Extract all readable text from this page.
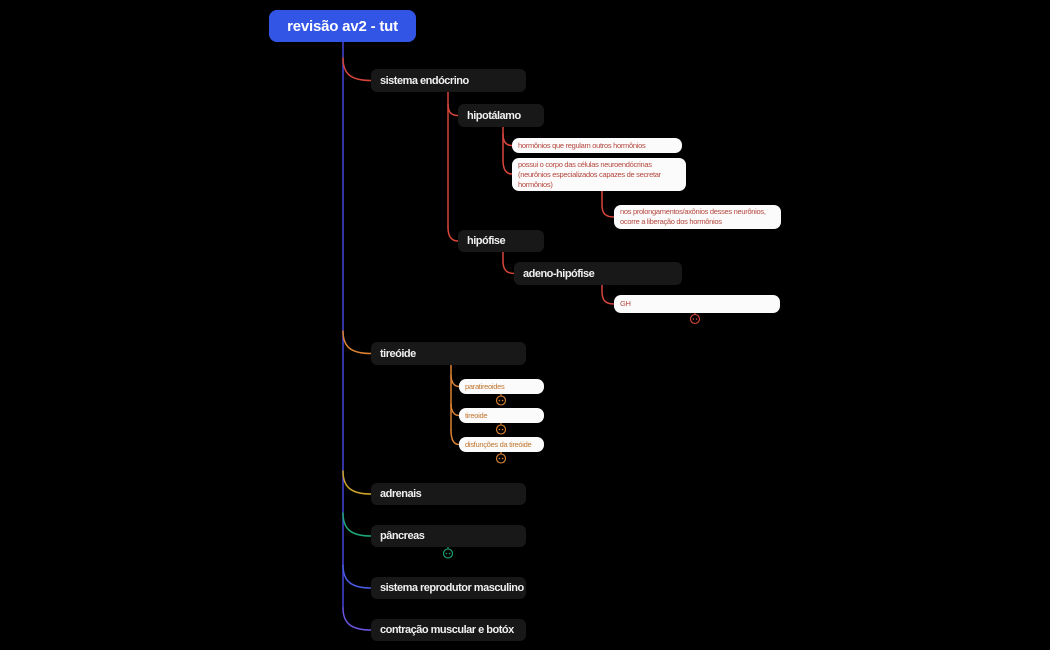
revisão av2 - tut
sistema endócrino
tireóide
adrenais
pâncreas
sistema reprodutor masculino
contração muscular e botóx
hipotálamo
hipófise
adeno-hipófise
hormônios que regulam outros hormônios
possui o corpo das células neuroendócrinas
(neurônios especializados capazes de secretar
hormônios)
nos prolongamentos/axônios desses neurônios,
ocorre a liberação dos hormônios
GH
paratireoides
tireoide
disfunções da tireóide
